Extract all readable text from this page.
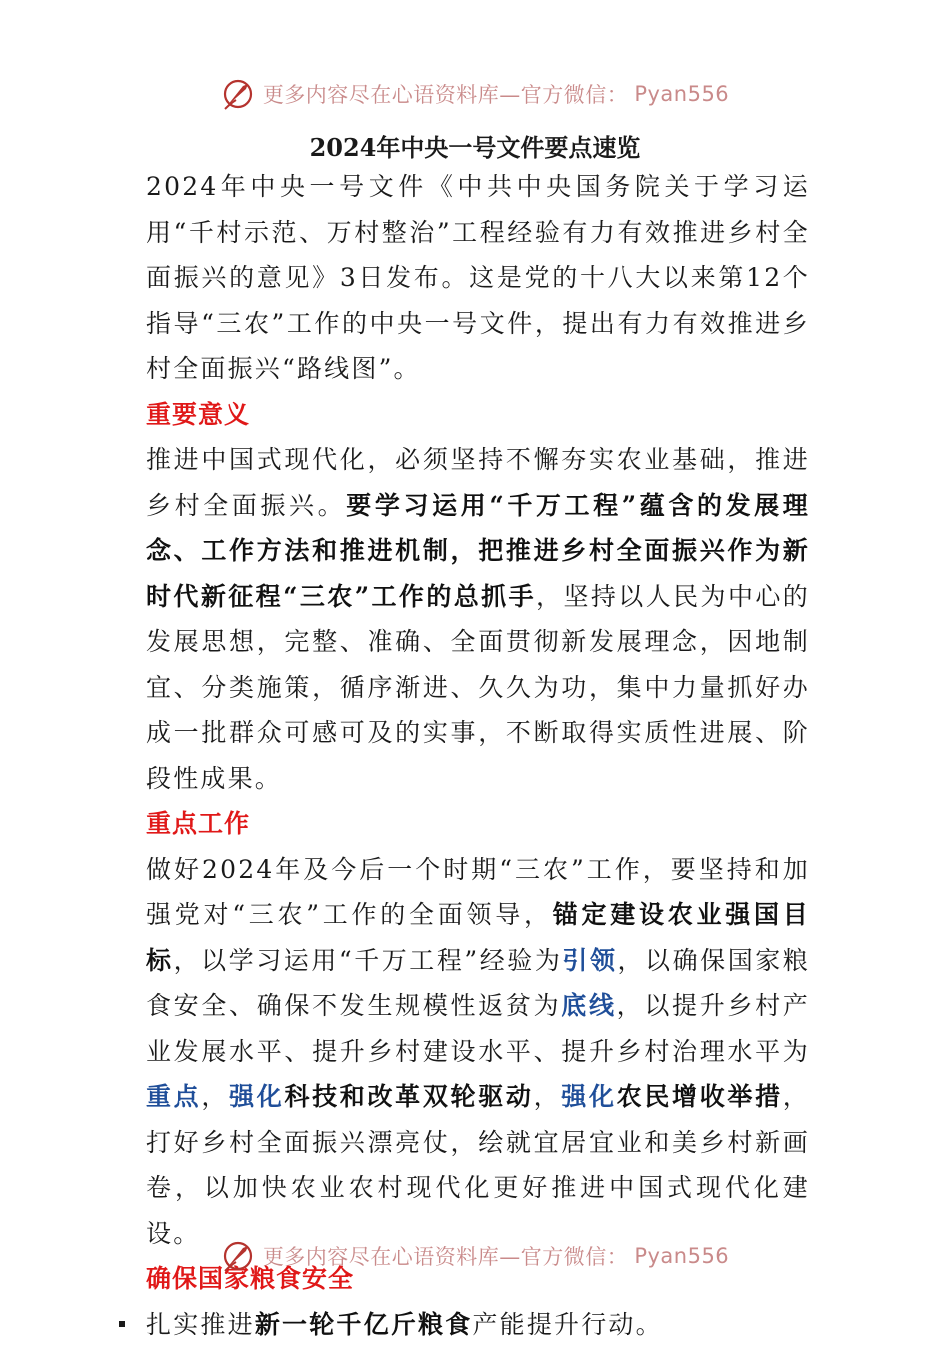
更多内容尽在心语资料库—官方微信： Pyan556
2024年中央一号文件要点速览

2024年中央一号文件《中共中央国务院关于学习运用“千村示范、万村整治”工程经验有力有效推进乡村全面振兴的意见》3日发布。这是党的十八大以来第12个指导“三农”工作的中央一号文件，提出有力有效推进乡村全面振兴“路线图”。

重要意义

推进中国式现代化，必须坚持不懈夯实农业基础，推进乡村全面振兴。要学习运用“千万工程”蕴含的发展理念、工作方法和推进机制，把推进乡村全面振兴作为新时代新征程“三农”工作的总抓手，坚持以人民为中心的发展思想，完整、准确、全面贯彻新发展理念，因地制宜、分类施策，循序渐进、久久为功，集中力量抓好办成一批群众可感可及的实事，不断取得实质性进展、阶段性成果。

重点工作

做好2024年及今后一个时期“三农”工作，要坚持和加强党对“三农”工作的全面领导，锚定建设农业强国目标，以学习运用“千万工程”经验为引领，以确保国家粮食安全、确保不发生规模性返贫为底线，以提升乡村产业发展水平、提升乡村建设水平、提升乡村治理水平为重点，强化科技和改革双轮驱动，强化农民增收举措，打好乡村全面振兴漂亮仗，绘就宜居宜业和美乡村新画卷，以加快农业农村现代化更好推进中国式现代化建设。

确保国家粮食安全

扎实推进新一轮千亿斤粮食产能提升行动。

更多内容尽在心语资料库—官方微信： Pyan556
